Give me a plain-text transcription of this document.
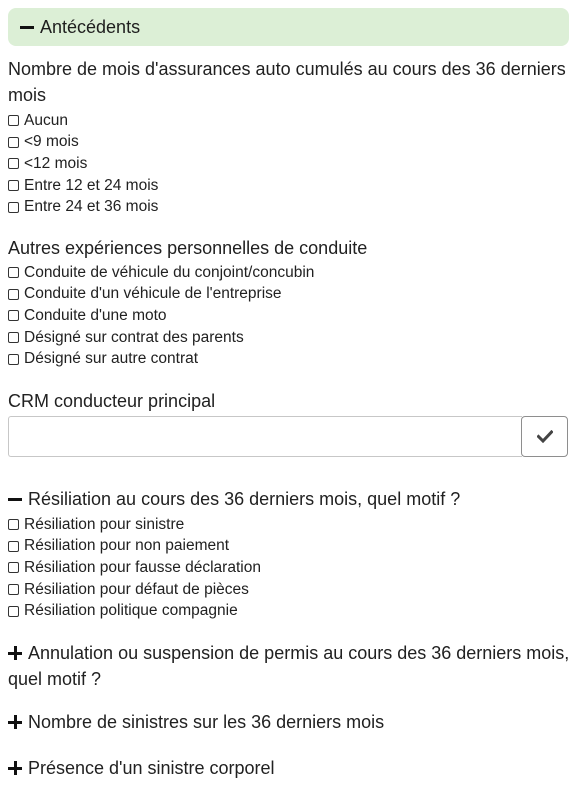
Antécédents
Nombre de mois d'assurances auto cumulés au cours des 36 derniers
mois
Aucun
<9 mois
<12 mois
Entre 12 et 24 mois
Entre 24 et 36 mois
Autres expériences personnelles de conduite
Conduite de véhicule du conjoint/concubin
Conduite d'un véhicule de l'entreprise
Conduite d'une moto
Désigné sur contrat des parents
Désigné sur autre contrat
CRM conducteur principal
Résiliation au cours des 36 derniers mois, quel motif ?
Résiliation pour sinistre
Résiliation pour non paiement
Résiliation pour fausse déclaration
Résiliation pour défaut de pièces
Résiliation politique compagnie
Annulation ou suspension de permis au cours des 36 derniers mois,
quel motif ?
Nombre de sinistres sur les 36 derniers mois
Présence d'un sinistre corporel
